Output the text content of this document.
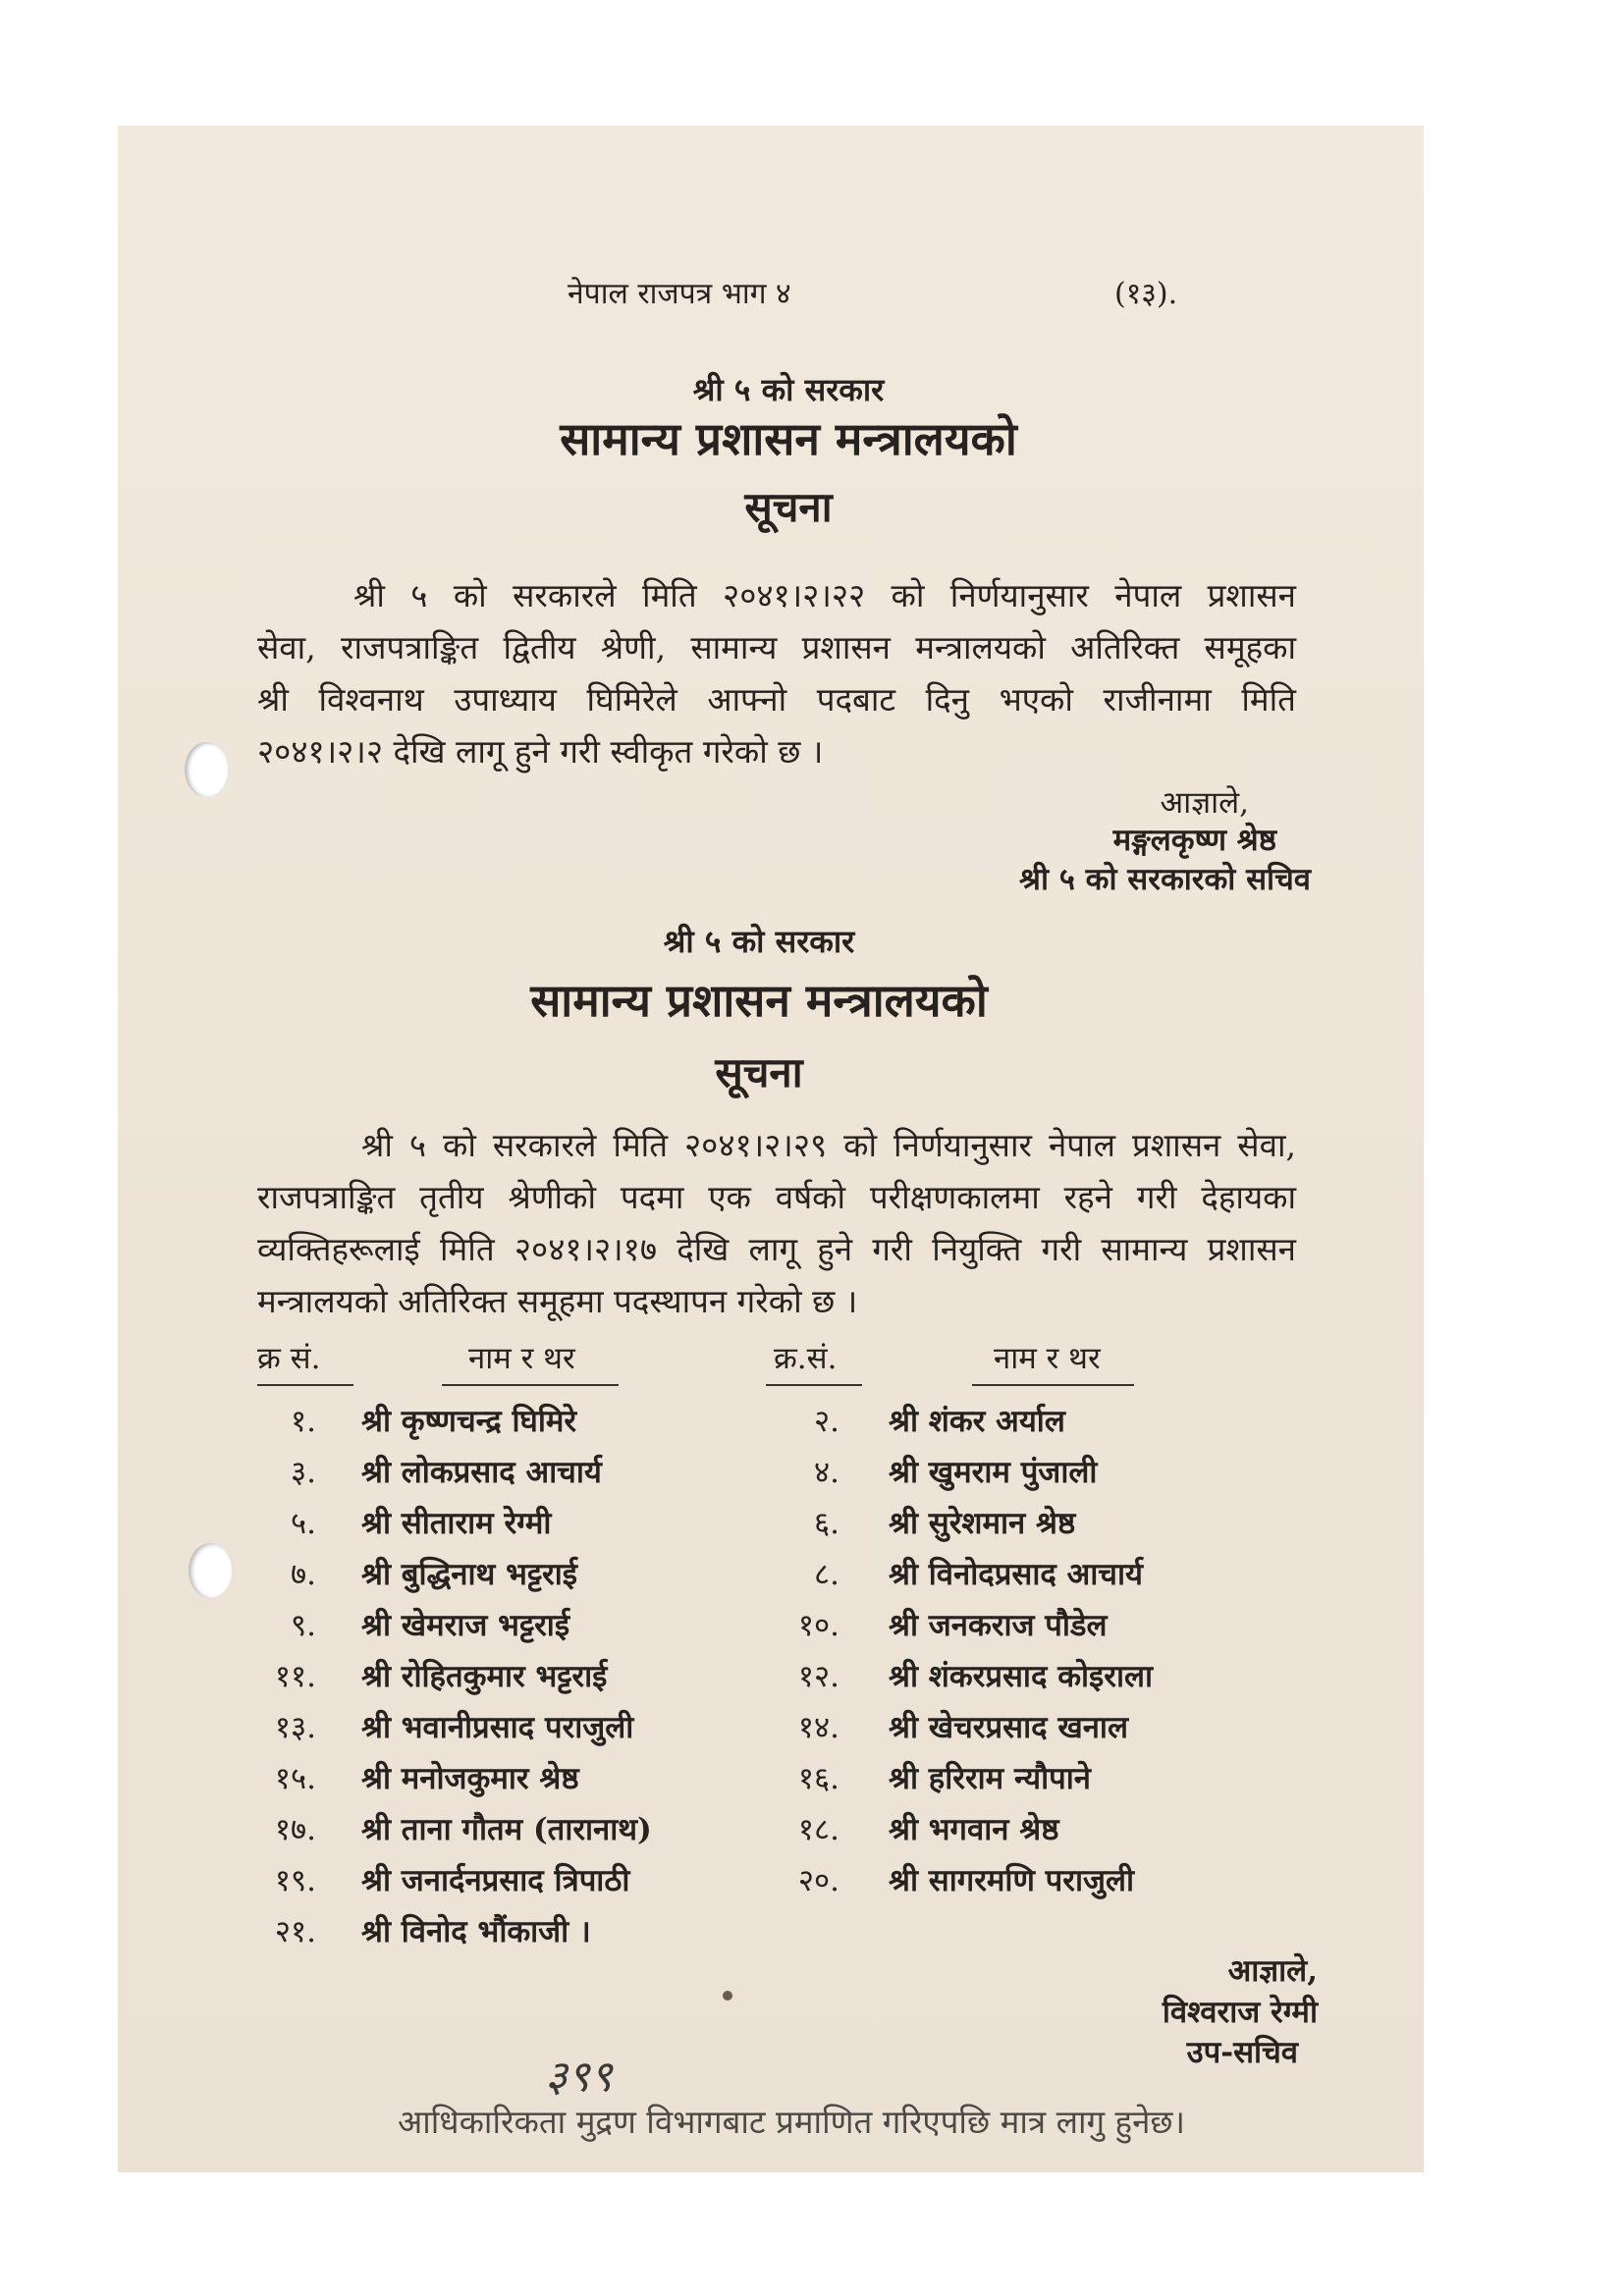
नेपाल राजपत्र भाग ४	(१३).
श्री ५ को सरकार
सामान्य प्रशासन मन्त्रालयको
सूचना
श्री ५ को सरकारले मिति २०४१।२।२२ को निर्णयानुसार नेपाल प्रशासन
सेवा, राजपत्राङ्कित द्वितीय श्रेणी, सामान्य प्रशासन मन्त्रालयको अतिरिक्त समूहका
श्री विश्वनाथ उपाध्याय घिमिरेले आफ्नो पदबाट दिनु भएको राजीनामा मिति
२०४१।२।२ देखि लागू हुने गरी स्वीकृत गरेको छ ।
आज्ञाले,
मङ्गलकृष्ण श्रेष्ठ
श्री ५ को सरकारको सचिव
श्री ५ को सरकार
सामान्य प्रशासन मन्त्रालयको
सूचना
श्री ५ को सरकारले मिति २०४१।२।२९ को निर्णयानुसार नेपाल प्रशासन सेवा,
राजपत्राङ्कित तृतीय श्रेणीको पदमा एक वर्षको परीक्षणकालमा रहने गरी देहायका
व्यक्तिहरूलाई मिति २०४१।२।१७ देखि लागू हुने गरी नियुक्ति गरी सामान्य प्रशासन
मन्त्रालयको अतिरिक्त समूहमा पदस्थापन गरेको छ ।
क्र सं.	नाम र थर	क्र.सं.	नाम र थर
१.	श्री कृष्णचन्द्र घिमिरे	२.	श्री शंकर अर्याल
३.	श्री लोकप्रसाद आचार्य	४.	श्री खुमराम पुंजाली
५.	श्री सीताराम रेग्मी	६.	श्री सुरेशमान श्रेष्ठ
७.	श्री बुद्धिनाथ भट्टराई	८.	श्री विनोदप्रसाद आचार्य
९.	श्री खेमराज भट्टराई	१०.	श्री जनकराज पौडेल
११.	श्री रोहितकुमार भट्टराई	१२.	श्री शंकरप्रसाद कोइराला
१३.	श्री भवानीप्रसाद पराजुली	१४.	श्री खेचरप्रसाद खनाल
१५.	श्री मनोजकुमार श्रेष्ठ	१६.	श्री हरिराम न्यौपाने
१७.	श्री ताना गौतम (तारानाथ)	१८.	श्री भगवान श्रेष्ठ
१९.	श्री जनार्दनप्रसाद त्रिपाठी	२०.	श्री सागरमणि पराजुली
२१.	श्री विनोद भौंकाजी ।
आज्ञाले,
विश्वराज रेग्मी
उप-सचिव
३९९
आधिकारिकता मुद्रण विभागबाट प्रमाणित गरिएपछि मात्र लागु हुनेछ।
